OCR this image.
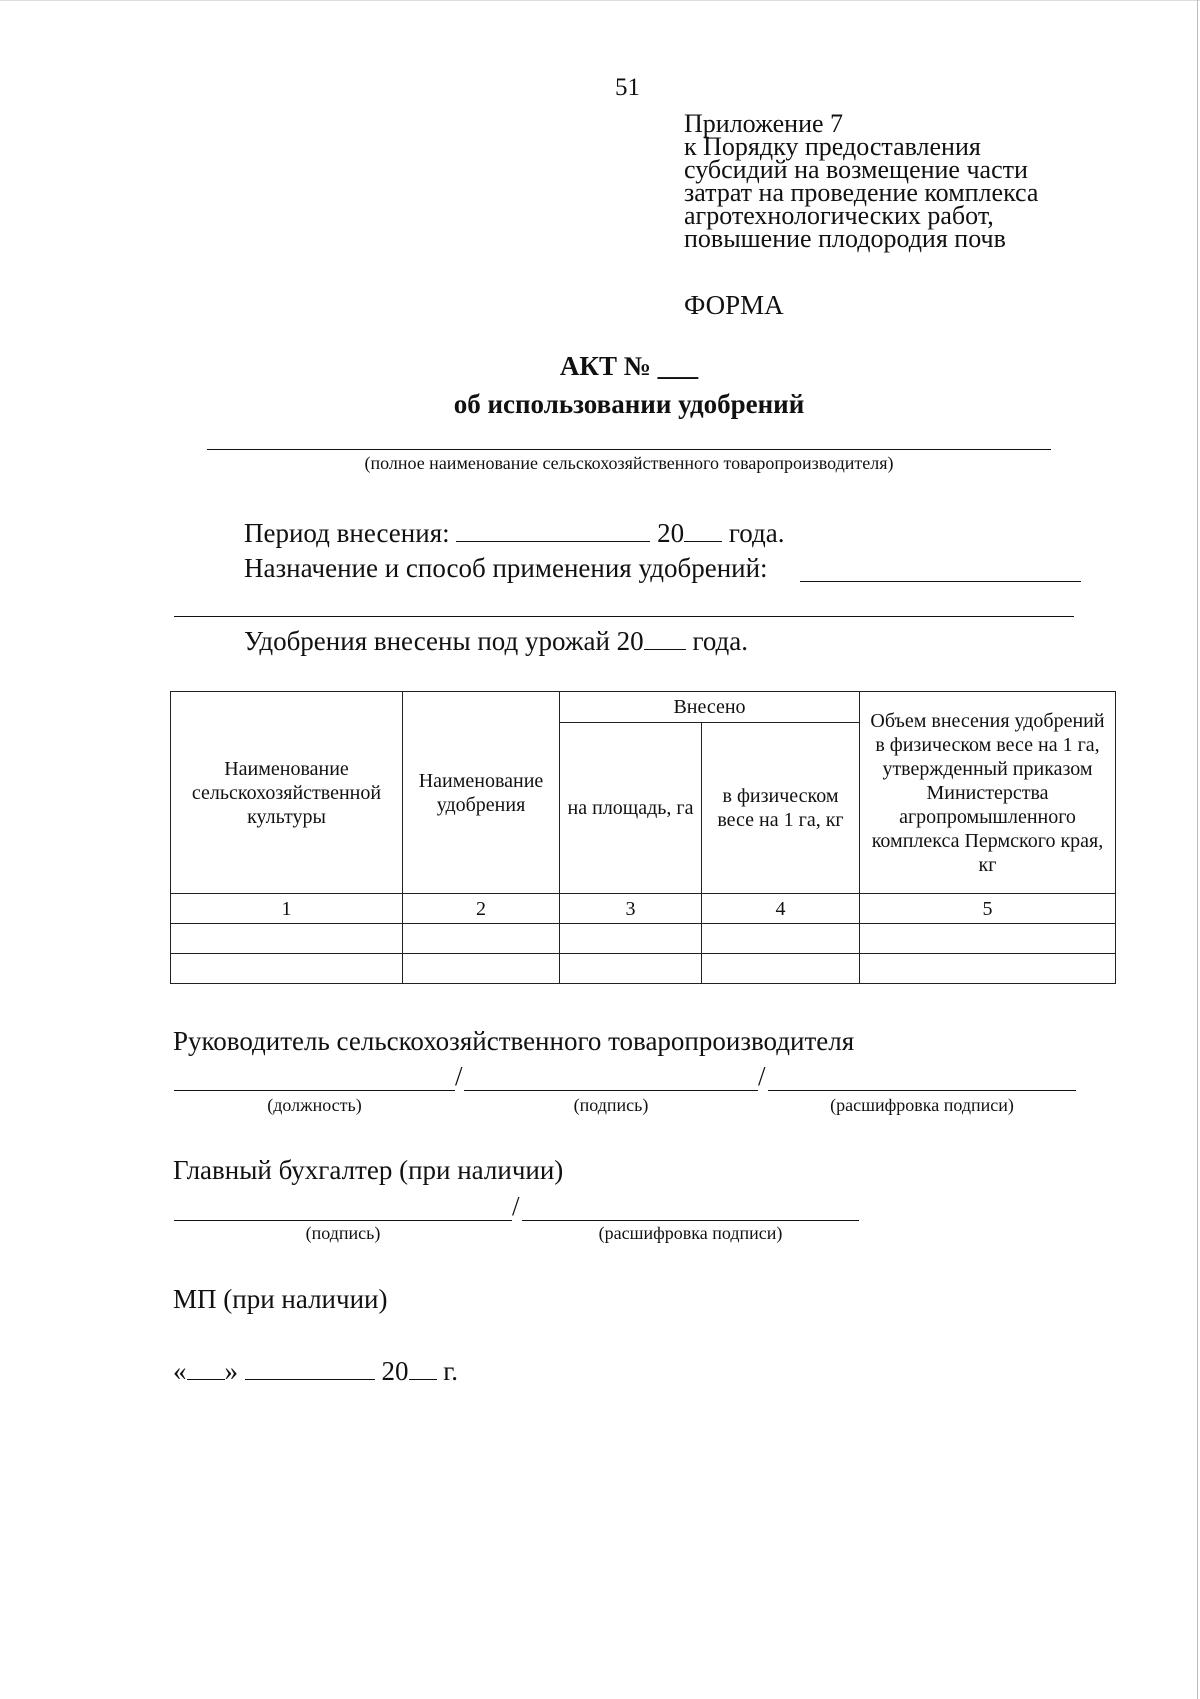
51
Приложение 7
к Порядку предоставления
субсидий на возмещение части
затрат на проведение комплекса
агротехнологических работ,
повышение плодородия почв
ФОРМА
АКТ № ___
об использовании удобрений
(полное наименование сельскохозяйственного товаропроизводителя)
Период внесения:	20 года.
Назначение и способ применения удобрений:
Удобрения внесены под урожай 20 года.
Наименование сельскохозяйственной культуры	Наименование удобрения	Внесено		Объем внесения удобрений в физическом весе на 1 га, утвержденный приказом Министерства агропромышленного комплекса Пермского края, кг
		на площадь, га	в физическом весе на 1 га, кг	
1	2	3	4	5

Руководитель сельскохозяйственного товаропроизводителя
/	/
(должность)	(подпись)	(расшифровка подписи)
Главный бухгалтер (при наличии)
/
(подпись)	(расшифровка подписи)
МП (при наличии)
« »	20 г.
